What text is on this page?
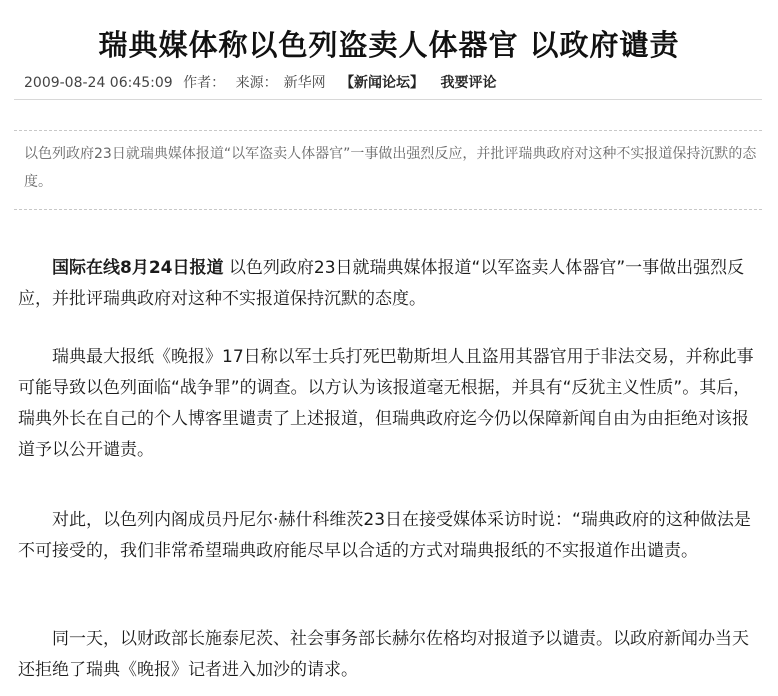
瑞典媒体称以色列盗卖人体器官 以政府谴责
2009-08-24 06:45:09 作者： 来源： 新华网 【新闻论坛】 我要评论
以色列政府23日就瑞典媒体报道“以军盗卖人体器官”一事做出强烈反应，并批评瑞典政府对这种不实报道保持沉默的态度。

国际在线8月24日报道 以色列政府23日就瑞典媒体报道“以军盗卖人体器官”一事做出强烈反应，并批评瑞典政府对这种不实报道保持沉默的态度。

瑞典最大报纸《晚报》17日称以军士兵打死巴勒斯坦人且盗用其器官用于非法交易，并称此事可能导致以色列面临“战争罪”的调查。以方认为该报道毫无根据，并具有“反犹主义性质”。其后，瑞典外长在自己的个人博客里谴责了上述报道，但瑞典政府迄今仍以保障新闻自由为由拒绝对该报道予以公开谴责。

对此，以色列内阁成员丹尼尔·赫什科维茨23日在接受媒体采访时说：“瑞典政府的这种做法是不可接受的，我们非常希望瑞典政府能尽早以合适的方式对瑞典报纸的不实报道作出谴责。

同一天，以财政部长施泰尼茨、社会事务部长赫尔佐格均对报道予以谴责。以政府新闻办当天还拒绝了瑞典《晚报》记者进入加沙的请求。
